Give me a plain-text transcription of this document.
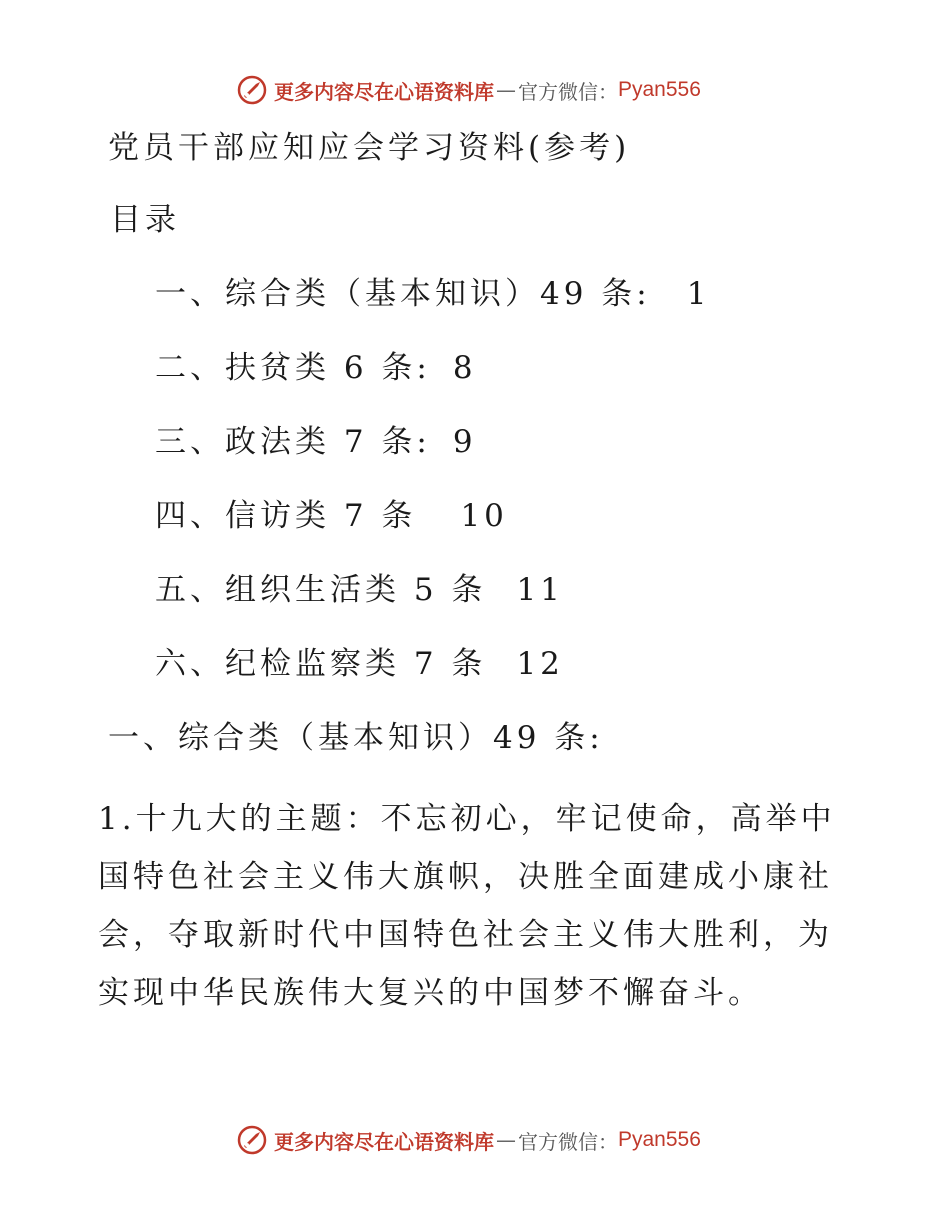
更多内容尽在心语资料库 — 官方微信： Pyan556
党员干部应知应会学习资料(参考)
目录
一、综合类（基本知识）49 条: 1
二、扶贫类 6 条: 8
三、政法类 7 条: 9
四、信访类 7 条 10
五、组织生活类 5 条 11
六、纪检监察类 7 条 12
一、综合类（基本知识）49 条:
1.十九大的主题：不忘初心，牢记使命，高举中国特色社会主义伟大旗帜，决胜全面建成小康社会，夺取新时代中国特色社会主义伟大胜利，为实现中华民族伟大复兴的中国梦不懈奋斗。
更多内容尽在心语资料库 — 官方微信： Pyan556
